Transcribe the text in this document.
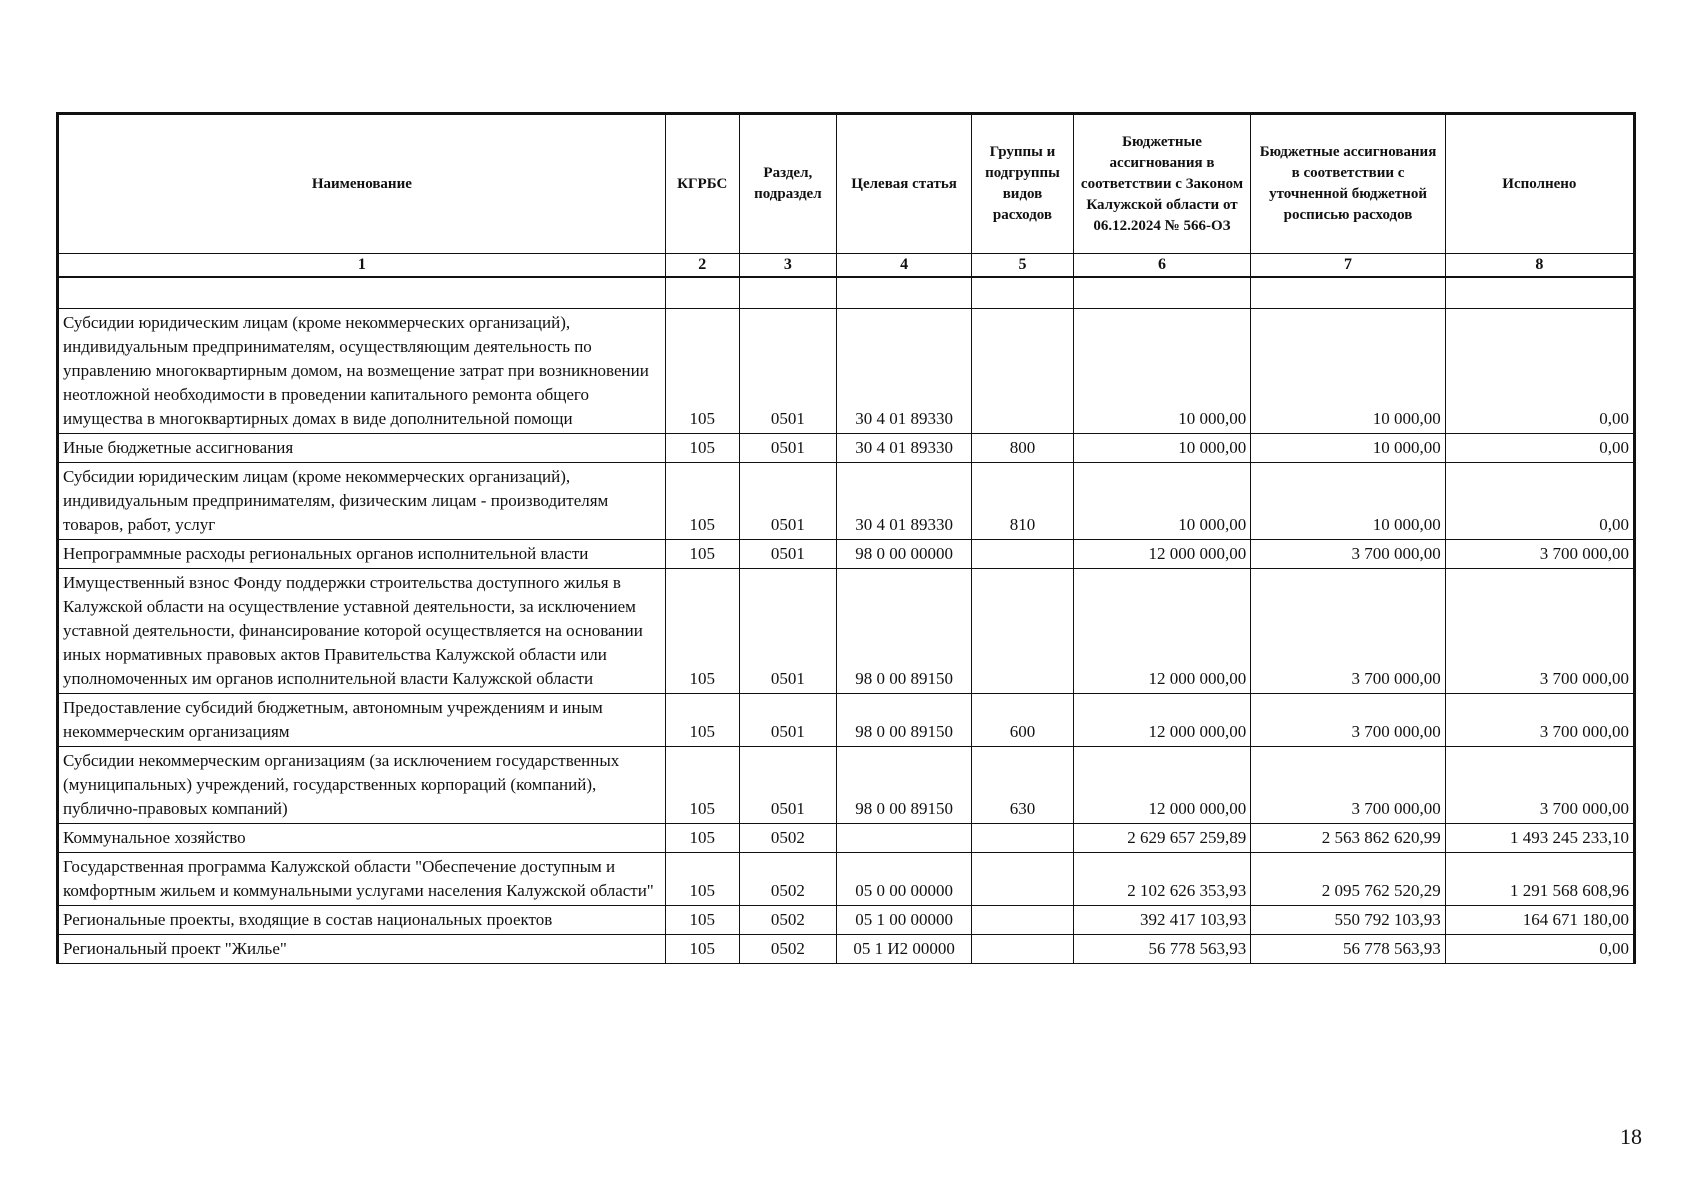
Наименование	КГРБС	Раздел, подраздел	Целевая статья	Группы и подгруппы видов расходов	Бюджетные ассигнования в соответствии с Законом Калужской области от 06.12.2024 № 566-ОЗ	Бюджетные ассигнования в соответствии с уточненной бюджетной росписью расходов	Исполнено
1	2	3	4	5	6	7	8

Субсидии юридическим лицам (кроме некоммерческих организаций), индивидуальным предпринимателям, осуществляющим деятельность по управлению многоквартирным домом, на возмещение затрат при возникновении неотложной необходимости в проведении капитального ремонта общего имущества в многоквартирных домах в виде дополнительной помощи	105	0501	30 4 01 89330		10 000,00	10 000,00	0,00
Иные бюджетные ассигнования	105	0501	30 4 01 89330	800	10 000,00	10 000,00	0,00
Субсидии юридическим лицам (кроме некоммерческих организаций), индивидуальным предпринимателям, физическим лицам - производителям товаров, работ, услуг	105	0501	30 4 01 89330	810	10 000,00	10 000,00	0,00
Непрограммные расходы региональных органов исполнительной власти	105	0501	98 0 00 00000		12 000 000,00	3 700 000,00	3 700 000,00
Имущественный взнос Фонду поддержки строительства доступного жилья в Калужской области на осуществление уставной деятельности, за исключением уставной деятельности, финансирование которой осуществляется на основании иных нормативных правовых актов Правительства Калужской области или уполномоченных им органов исполнительной власти Калужской области	105	0501	98 0 00 89150		12 000 000,00	3 700 000,00	3 700 000,00
Предоставление субсидий бюджетным, автономным учреждениям и иным некоммерческим организациям	105	0501	98 0 00 89150	600	12 000 000,00	3 700 000,00	3 700 000,00
Субсидии некоммерческим организациям (за исключением государственных (муниципальных) учреждений, государственных корпораций (компаний), публично-правовых компаний)	105	0501	98 0 00 89150	630	12 000 000,00	3 700 000,00	3 700 000,00
Коммунальное хозяйство	105	0502			2 629 657 259,89	2 563 862 620,99	1 493 245 233,10
Государственная программа Калужской области "Обеспечение доступным и комфортным жильем и коммунальными услугами населения Калужской области"	105	0502	05 0 00 00000		2 102 626 353,93	2 095 762 520,29	1 291 568 608,96
Региональные проекты, входящие в состав национальных проектов	105	0502	05 1 00 00000		392 417 103,93	550 792 103,93	164 671 180,00
Региональный проект "Жилье"	105	0502	05 1 И2 00000		56 778 563,93	56 778 563,93	0,00
18
